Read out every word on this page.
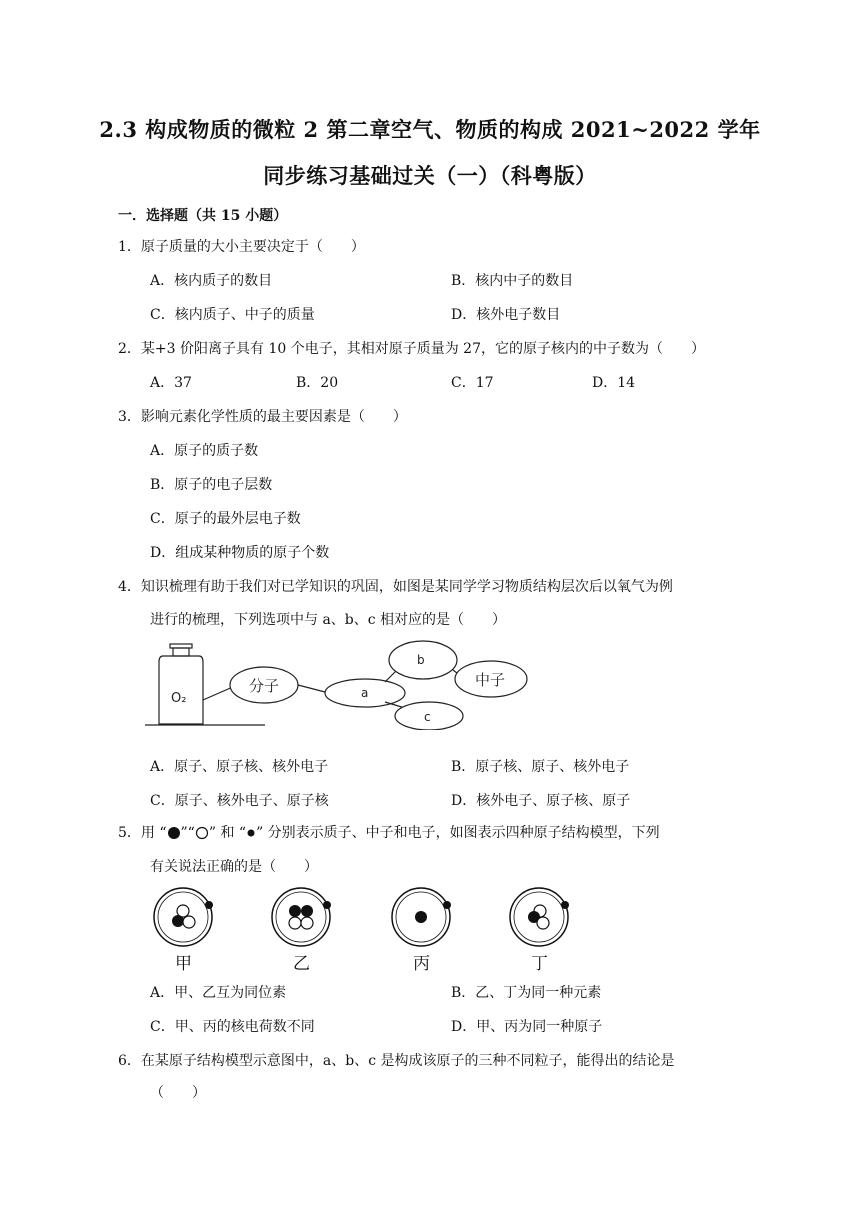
2.3 构成物质的微粒 2 第二章空气、物质的构成 2021~2022 学年
同步练习基础过关（一）（科粤版）
一．选择题（共 15 小题）
1．原子质量的大小主要决定于（　　）
A．核内质子的数目	B．核内中子的数目
C．核内质子、中子的质量	D．核外电子数目
2．某+3 价阳离子具有 10 个电子，其相对原子质量为 27，它的原子核内的中子数为（　　）
A．37	B．20	C．17	D．14
3．影响元素化学性质的最主要因素是（　　）
A．原子的质子数
B．原子的电子层数
C．原子的最外层电子数
D．组成某种物质的原子个数
4．知识梳理有助于我们对已学知识的巩固，如图是某同学学习物质结构层次后以氧气为例
进行的梳理，下列选项中与 a、b、c 相对应的是（　　）
O₂
分子	a
b
中子
c
A．原子、原子核、核外电子	B．原子核、原子、核外电子
C．原子、核外电子、原子核	D．核外电子、原子核、原子
5．用 “ ”“ ” 和 “ ” 分别表示质子、中子和电子，如图表示四种原子结构模型，下列
有关说法正确的是（　　）
甲	乙	丙	丁
A．甲、乙互为同位素	B．乙、丁为同一种元素
C．甲、丙的核电荷数不同	D．甲、丙为同一种原子
6．在某原子结构模型示意图中，a、b、c 是构成该原子的三种不同粒子，能得出的结论是
（　　）
